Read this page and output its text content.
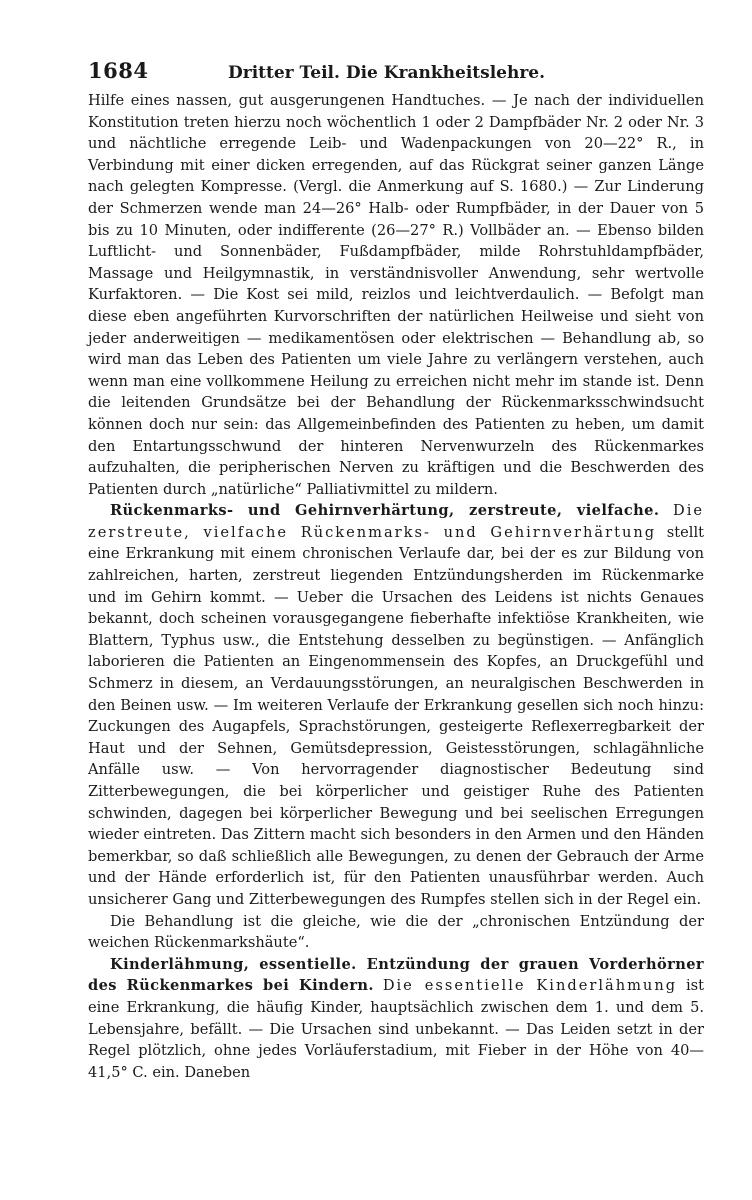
1684	Dritter Teil. Die Krankheitslehre.

Hilfe eines nassen, gut ausgerungenen Handtuches. — Je nach der individuellen Konstitution treten hierzu noch wöchentlich 1 oder 2 Dampfbäder Nr. 2 oder Nr. 3 und nächtliche erregende Leib- und Wadenpackungen von 20—22° R., in Verbindung mit einer dicken erregenden, auf das Rückgrat seiner ganzen Länge nach gelegten Kompresse. (Vergl. die Anmerkung auf S. 1680.) — Zur Linderung der Schmerzen wende man 24—26° Halb- oder Rumpfbäder, in der Dauer von 5 bis zu 10 Minuten, oder indifferente (26—27° R.) Vollbäder an. — Ebenso bilden Luftlicht- und Sonnenbäder, Fußdampfbäder, milde Rohrstuhldampfbäder, Massage und Heilgymnastik, in verständnisvoller Anwendung, sehr wertvolle Kurfaktoren. — Die Kost sei mild, reizlos und leichtverdaulich. — Befolgt man diese eben angeführten Kurvorschriften der natürlichen Heilweise und sieht von jeder anderweitigen — medikamentösen oder elektrischen — Behandlung ab, so wird man das Leben des Patienten um viele Jahre zu verlängern verstehen, auch wenn man eine vollkommene Heilung zu erreichen nicht mehr im stande ist. Denn die leitenden Grundsätze bei der Behandlung der Rückenmarksschwindsucht können doch nur sein: das Allgemeinbefinden des Patienten zu heben, um damit den Entartungsschwund der hinteren Nervenwurzeln des Rückenmarkes aufzuhalten, die peripherischen Nerven zu kräftigen und die Beschwerden des Patienten durch „natürliche“ Palliativmittel zu mildern.

Rückenmarks- und Gehirnverhärtung, zerstreute, vielfache. Die zerstreute, vielfache Rückenmarks- und Gehirnverhärtung stellt eine Erkrankung mit einem chronischen Verlaufe dar, bei der es zur Bildung von zahlreichen, harten, zerstreut liegenden Entzündungsherden im Rückenmarke und im Gehirn kommt. — Ueber die Ursachen des Leidens ist nichts Genaues bekannt, doch scheinen vorausgegangene fieberhafte infektiöse Krankheiten, wie Blattern, Typhus usw., die Entstehung desselben zu begünstigen. — Anfänglich laborieren die Patienten an Eingenommensein des Kopfes, an Druckgefühl und Schmerz in diesem, an Verdauungsstörungen, an neuralgischen Beschwerden in den Beinen usw. — Im weiteren Verlaufe der Erkrankung gesellen sich noch hinzu: Zuckungen des Augapfels, Sprachstörungen, gesteigerte Reflexerregbarkeit der Haut und der Sehnen, Gemütsdepression, Geistesstörungen, schlagähnliche Anfälle usw. — Von hervorragender diagnostischer Bedeutung sind Zitterbewegungen, die bei körperlicher und geistiger Ruhe des Patienten schwinden, dagegen bei körperlicher Bewegung und bei seelischen Erregungen wieder eintreten. Das Zittern macht sich besonders in den Armen und den Händen bemerkbar, so daß schließlich alle Bewegungen, zu denen der Gebrauch der Arme und der Hände erforderlich ist, für den Patienten unausführbar werden. Auch unsicherer Gang und Zitterbewegungen des Rumpfes stellen sich in der Regel ein.

Die Behandlung ist die gleiche, wie die der „chronischen Entzündung der weichen Rückenmarkshäute“.

Kinderlähmung, essentielle. Entzündung der grauen Vorderhörner des Rückenmarkes bei Kindern. Die essentielle Kinderlähmung ist eine Erkrankung, die häufig Kinder, hauptsächlich zwischen dem 1. und dem 5. Lebensjahre, befällt. — Die Ursachen sind unbekannt. — Das Leiden setzt in der Regel plötzlich, ohne jedes Vorläuferstadium, mit Fieber in der Höhe von 40—41,5° C. ein. Daneben
